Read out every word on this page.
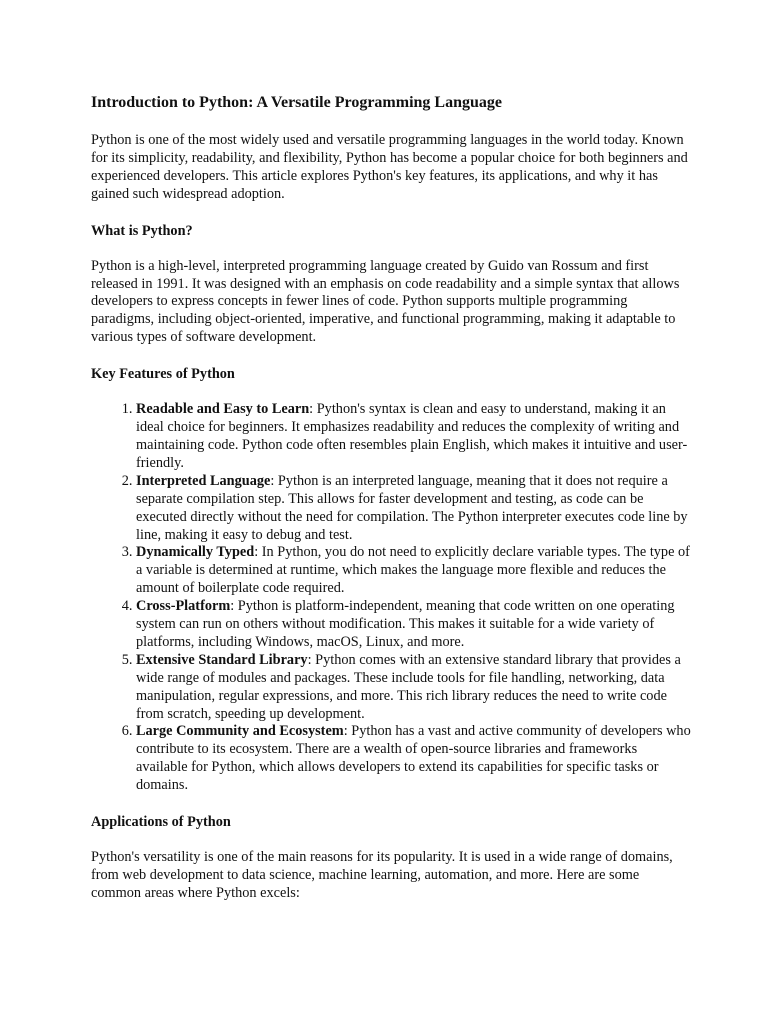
Introduction to Python: A Versatile Programming Language

Python is one of the most widely used and versatile programming languages in the world today. Known for its simplicity, readability, and flexibility, Python has become a popular choice for both beginners and experienced developers. This article explores Python's key features, its applications, and why it has gained such widespread adoption.

What is Python?

Python is a high-level, interpreted programming language created by Guido van Rossum and first released in 1991. It was designed with an emphasis on code readability and a simple syntax that allows developers to express concepts in fewer lines of code. Python supports multiple programming paradigms, including object-oriented, imperative, and functional programming, making it adaptable to various types of software development.

Key Features of Python
1. Readable and Easy to Learn: Python's syntax is clean and easy to understand, making it an ideal choice for beginners. It emphasizes readability and reduces the complexity of writing and maintaining code. Python code often resembles plain English, which makes it intuitive and user-friendly.
2. Interpreted Language: Python is an interpreted language, meaning that it does not require a separate compilation step. This allows for faster development and testing, as code can be executed directly without the need for compilation. The Python interpreter executes code line by line, making it easy to debug and test.
3. Dynamically Typed: In Python, you do not need to explicitly declare variable types. The type of a variable is determined at runtime, which makes the language more flexible and reduces the amount of boilerplate code required.
4. Cross-Platform: Python is platform-independent, meaning that code written on one operating system can run on others without modification. This makes it suitable for a wide variety of platforms, including Windows, macOS, Linux, and more.
5. Extensive Standard Library: Python comes with an extensive standard library that provides a wide range of modules and packages. These include tools for file handling, networking, data manipulation, regular expressions, and more. This rich library reduces the need to write code from scratch, speeding up development.
6. Large Community and Ecosystem: Python has a vast and active community of developers who contribute to its ecosystem. There are a wealth of open-source libraries and frameworks available for Python, which allows developers to extend its capabilities for specific tasks or domains.
Applications of Python

Python's versatility is one of the main reasons for its popularity. It is used in a wide range of domains, from web development to data science, machine learning, automation, and more. Here are some common areas where Python excels:
